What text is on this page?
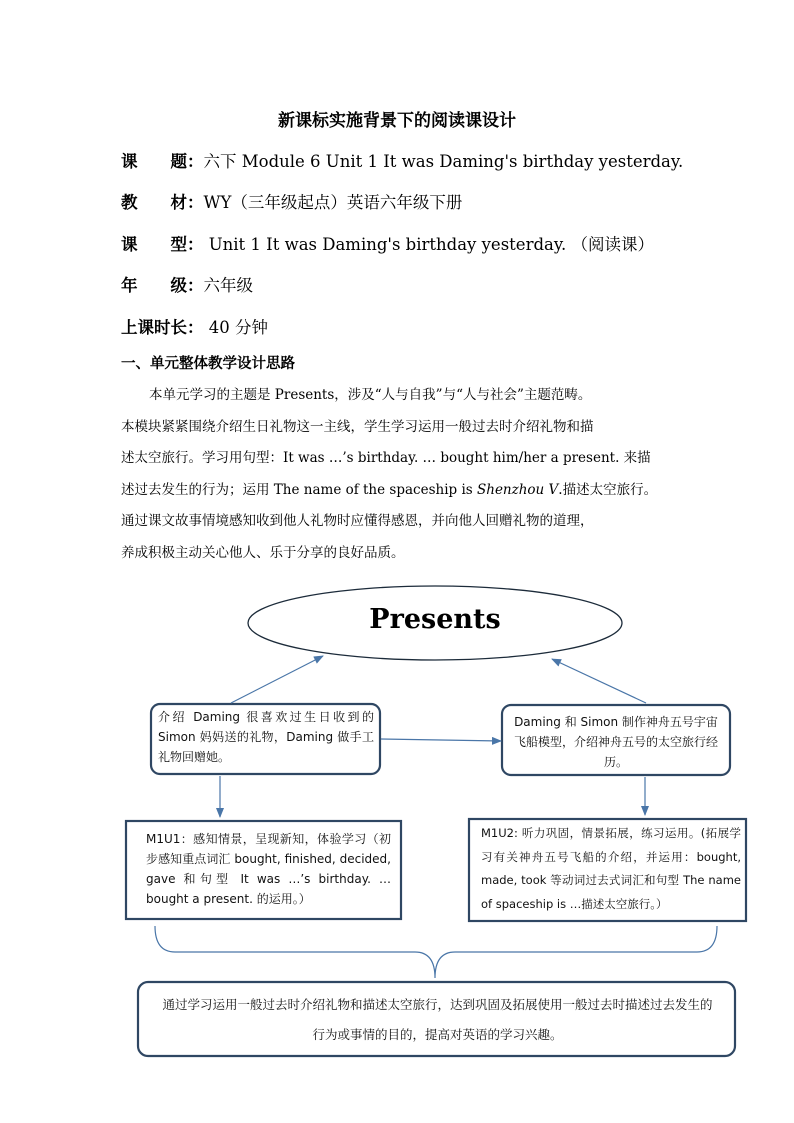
新课标实施背景下的阅读课设计
课　　题：六下 Module 6 Unit 1 It was Daming's birthday yesterday.
教　　材：WY（三年级起点）英语六年级下册
课　　型： Unit 1 It was Daming's birthday yesterday. （阅读课）
年　　级：六年级
上课时长： 40 分钟
一、单元整体教学设计思路
本单元学习的主题是 Presents，涉及“人与自我”与“人与社会”主题范畴。
本模块紧紧围绕介绍生日礼物这一主线，学生学习运用一般过去时介绍礼物和描
述太空旅行。学习用句型：It was …’s birthday. … bought him/her a present. 来描
述过去发生的行为；运用 The name of the spaceship is Shenzhou V.描述太空旅行。
通过课文故事情境感知收到他人礼物时应懂得感恩，并向他人回赠礼物的道理，
养成积极主动关心他人、乐于分享的良好品质。
Presents
介绍 Daming 很喜欢过生日收到的 Simon 妈妈送的礼物，Daming 做手工礼物回赠她。
Daming 和 Simon 制作神舟五号宇宙飞船模型，介绍神舟五号的太空旅行经历。
M1U1：感知情景，呈现新知，体验学习（初步感知重点词汇 bought, finished, decided, gave 和句型 It was …’s birthday. … bought a present. 的运用。）
M1U2: 听力巩固，情景拓展，练习运用。(拓展学习有关神舟五号飞船的介绍，并运用：bought, made, took 等动词过去式词汇和句型 The name of spaceship is …描述太空旅行。）
通过学习运用一般过去时介绍礼物和描述太空旅行，达到巩固及拓展使用一般过去时描述过去发生的行为或事情的目的，提高对英语的学习兴趣。
